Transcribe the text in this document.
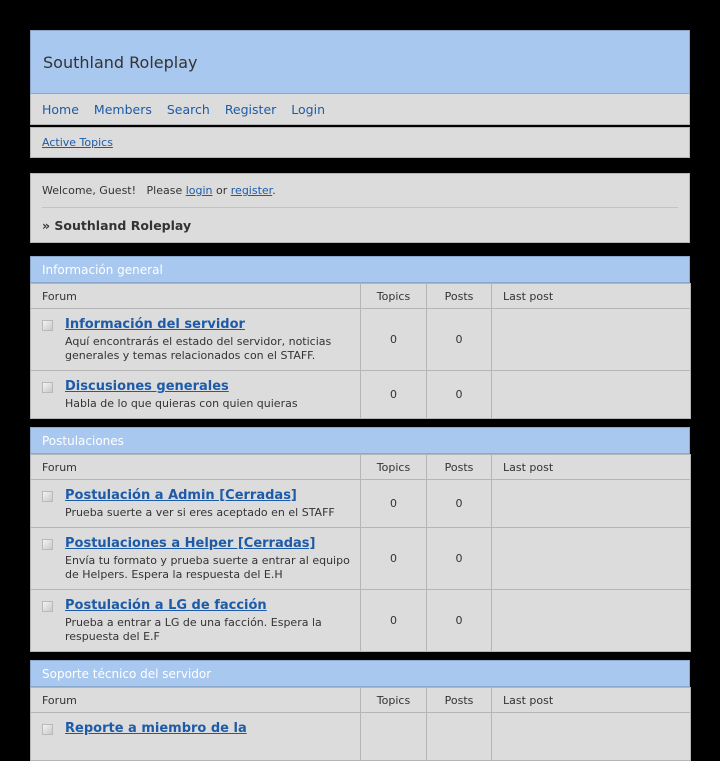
Southland Roleplay
Home Members Search Register Login
Active Topics
Welcome, Guest!   Please login or register.
» Southland Roleplay
Información general
Forum	Topics	Posts	Last post

Información del servidor
Aquí encontrarás el estado del servidor, noticias generales y temas relacionados con el STAFF.	0	0	

Discusiones generales
Habla de lo que quieras con quien quieras	0	0	
Postulaciones
Forum	Topics	Posts	Last post

Postulación a Admin [Cerradas]
Prueba suerte a ver si eres aceptado en el STAFF	0	0	

Postulaciones a Helper [Cerradas]
Envía tu formato y prueba suerte a entrar al equipo de Helpers. Espera la respuesta del E.H	0	0	

Postulación a LG de facción
Prueba a entrar a LG de una facción. Espera la respuesta del E.F	0	0	
Soporte técnico del servidor
Forum	Topics	Posts	Last post

Reporte a miembro de la			
